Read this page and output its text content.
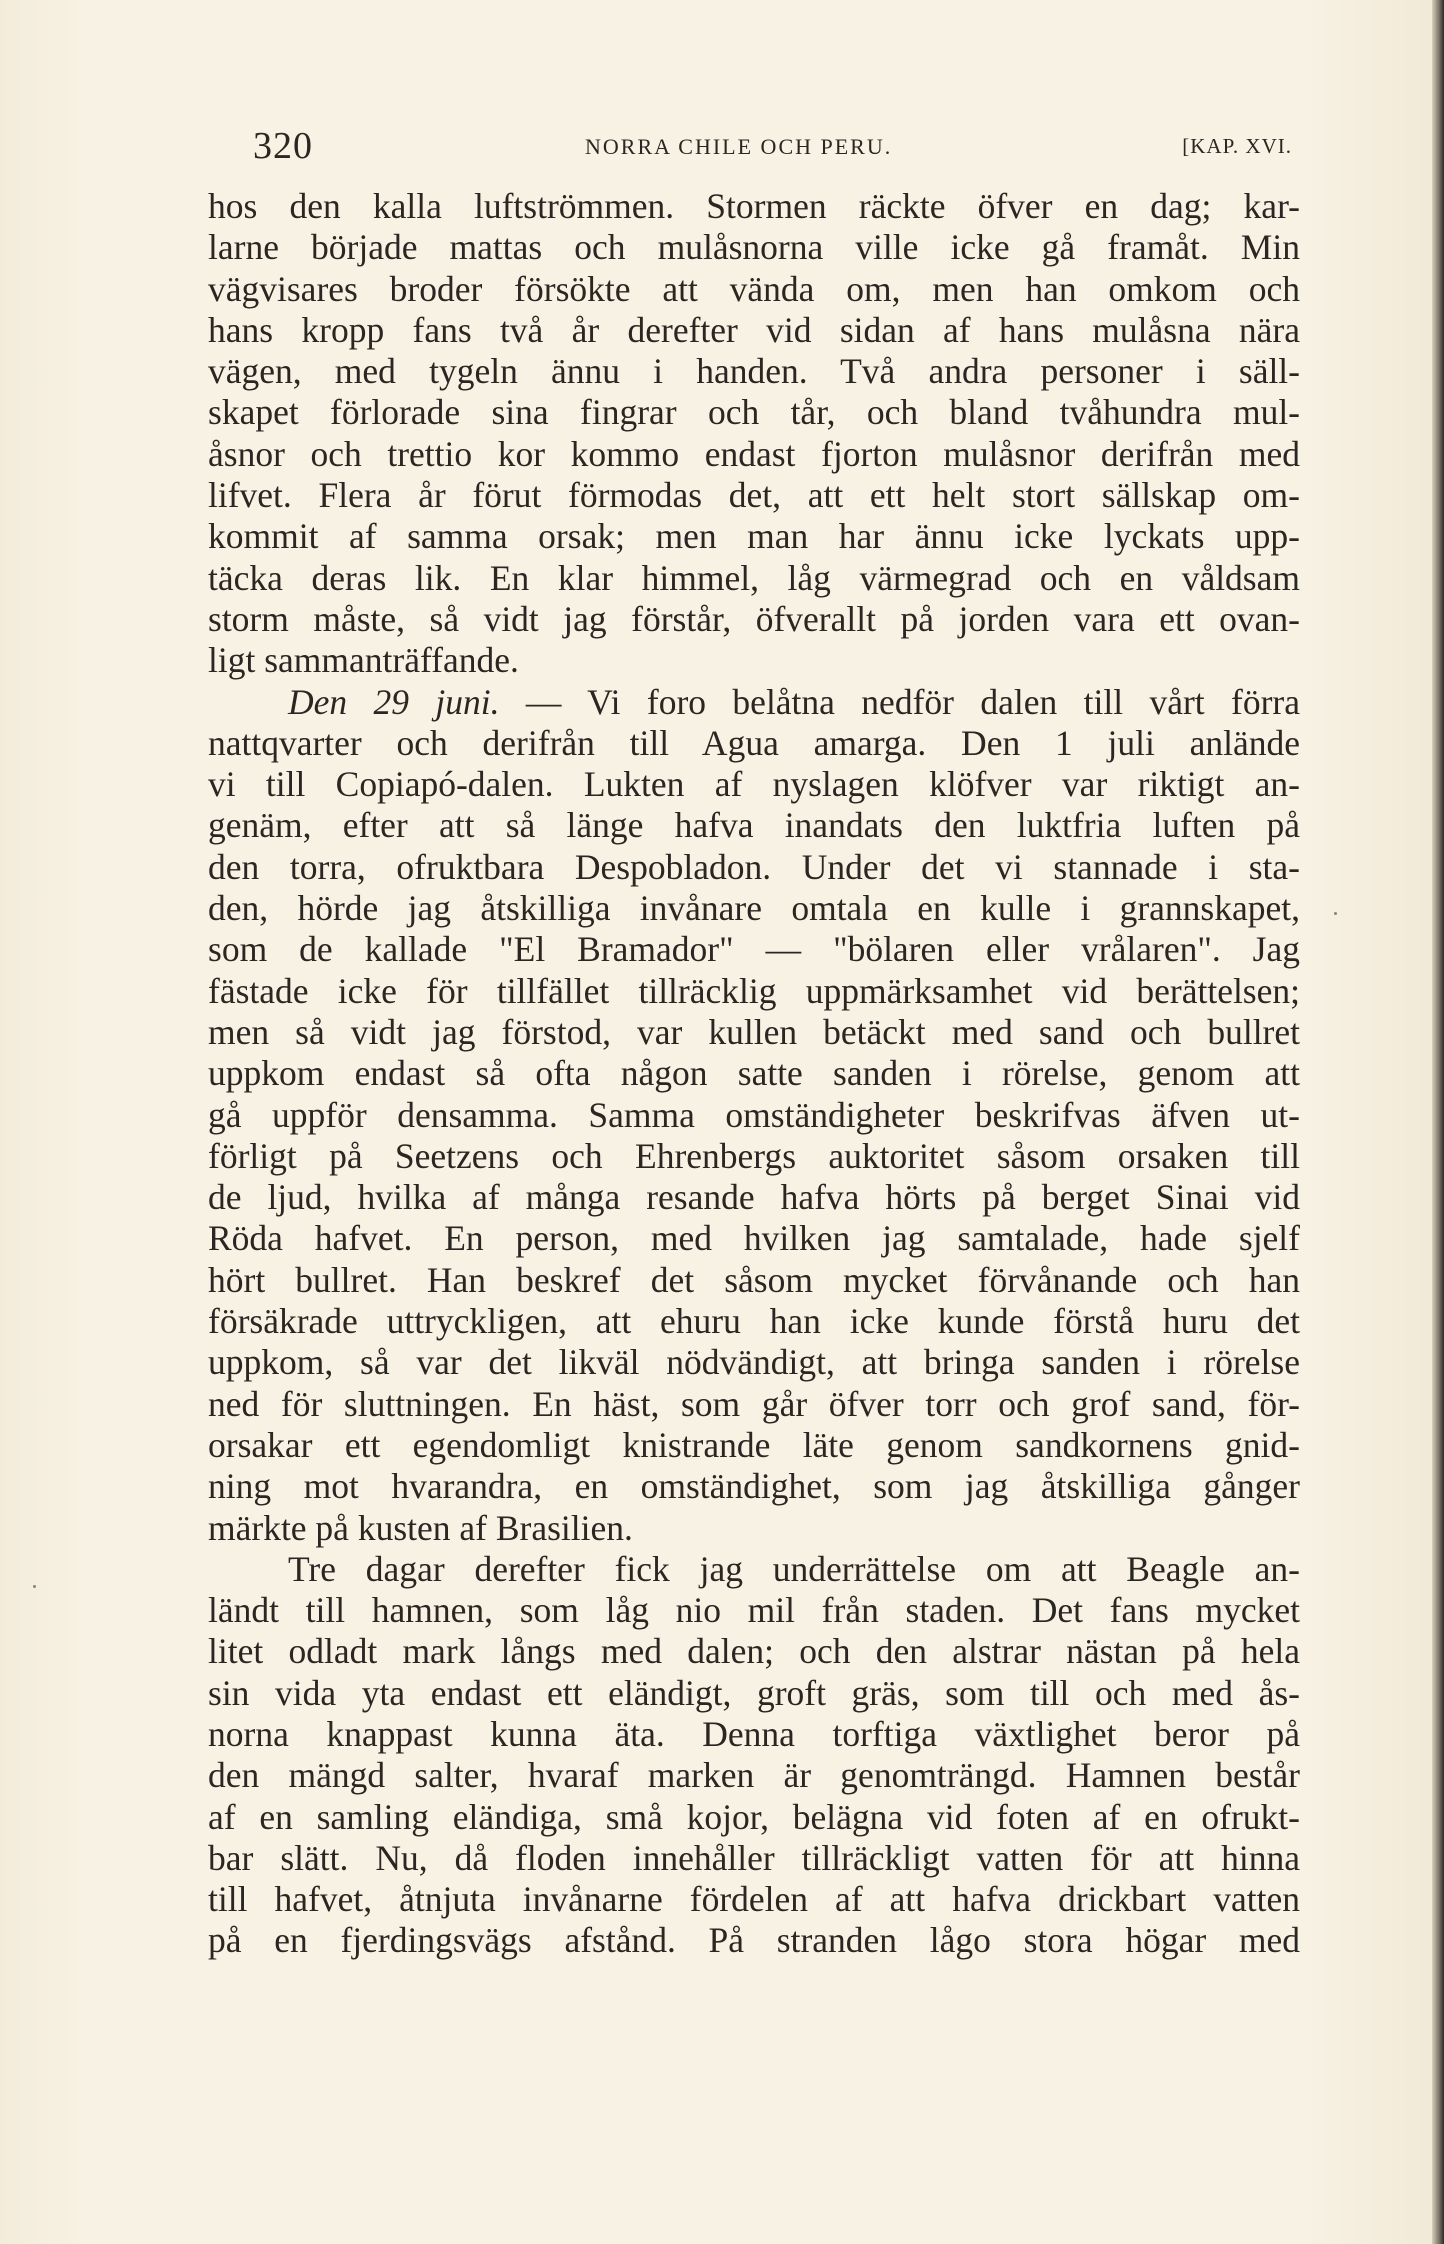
320	NORRA CHILE OCH PERU.	[KAP. XVI.
hos den kalla luftströmmen. Stormen räckte öfver en dag; kar-
larne började mattas och mulåsnorna ville icke gå framåt. Min
vägvisares broder försökte att vända om, men han omkom och
hans kropp fans två år derefter vid sidan af hans mulåsna nära
vägen, med tygeln ännu i handen. Två andra personer i säll-
skapet förlorade sina fingrar och tår, och bland tvåhundra mul-
åsnor och trettio kor kommo endast fjorton mulåsnor derifrån med
lifvet. Flera år förut förmodas det, att ett helt stort sällskap om-
kommit af samma orsak; men man har ännu icke lyckats upp-
täcka deras lik. En klar himmel, låg värmegrad och en våldsam
storm måste, så vidt jag förstår, öfverallt på jorden vara ett ovan-
ligt sammanträffande.
Den 29 juni. — Vi foro belåtna nedför dalen till vårt förra
nattqvarter och derifrån till Agua amarga. Den 1 juli anlände
vi till Copiapó-dalen. Lukten af nyslagen klöfver var riktigt an-
genäm, efter att så länge hafva inandats den luktfria luften på
den torra, ofruktbara Despobladon. Under det vi stannade i sta-
den, hörde jag åtskilliga invånare omtala en kulle i grannskapet,
som de kallade "El Bramador" — "bölaren eller vrålaren". Jag
fästade icke för tillfället tillräcklig uppmärksamhet vid berättelsen;
men så vidt jag förstod, var kullen betäckt med sand och bullret
uppkom endast så ofta någon satte sanden i rörelse, genom att
gå uppför densamma. Samma omständigheter beskrifvas äfven ut-
förligt på Seetzens och Ehrenbergs auktoritet såsom orsaken till
de ljud, hvilka af många resande hafva hörts på berget Sinai vid
Röda hafvet. En person, med hvilken jag samtalade, hade sjelf
hört bullret. Han beskref det såsom mycket förvånande och han
försäkrade uttryckligen, att ehuru han icke kunde förstå huru det
uppkom, så var det likväl nödvändigt, att bringa sanden i rörelse
ned för sluttningen. En häst, som går öfver torr och grof sand, för-
orsakar ett egendomligt knistrande läte genom sandkornens gnid-
ning mot hvarandra, en omständighet, som jag åtskilliga gånger
märkte på kusten af Brasilien.
Tre dagar derefter fick jag underrättelse om att Beagle an-
ländt till hamnen, som låg nio mil från staden. Det fans mycket
litet odladt mark långs med dalen; och den alstrar nästan på hela
sin vida yta endast ett eländigt, groft gräs, som till och med ås-
norna knappast kunna äta. Denna torftiga växtlighet beror på
den mängd salter, hvaraf marken är genomträngd. Hamnen består
af en samling eländiga, små kojor, belägna vid foten af en ofrukt-
bar slätt. Nu, då floden innehåller tillräckligt vatten för att hinna
till hafvet, åtnjuta invånarne fördelen af att hafva drickbart vatten
på en fjerdingsvägs afstånd. På stranden lågo stora högar med
